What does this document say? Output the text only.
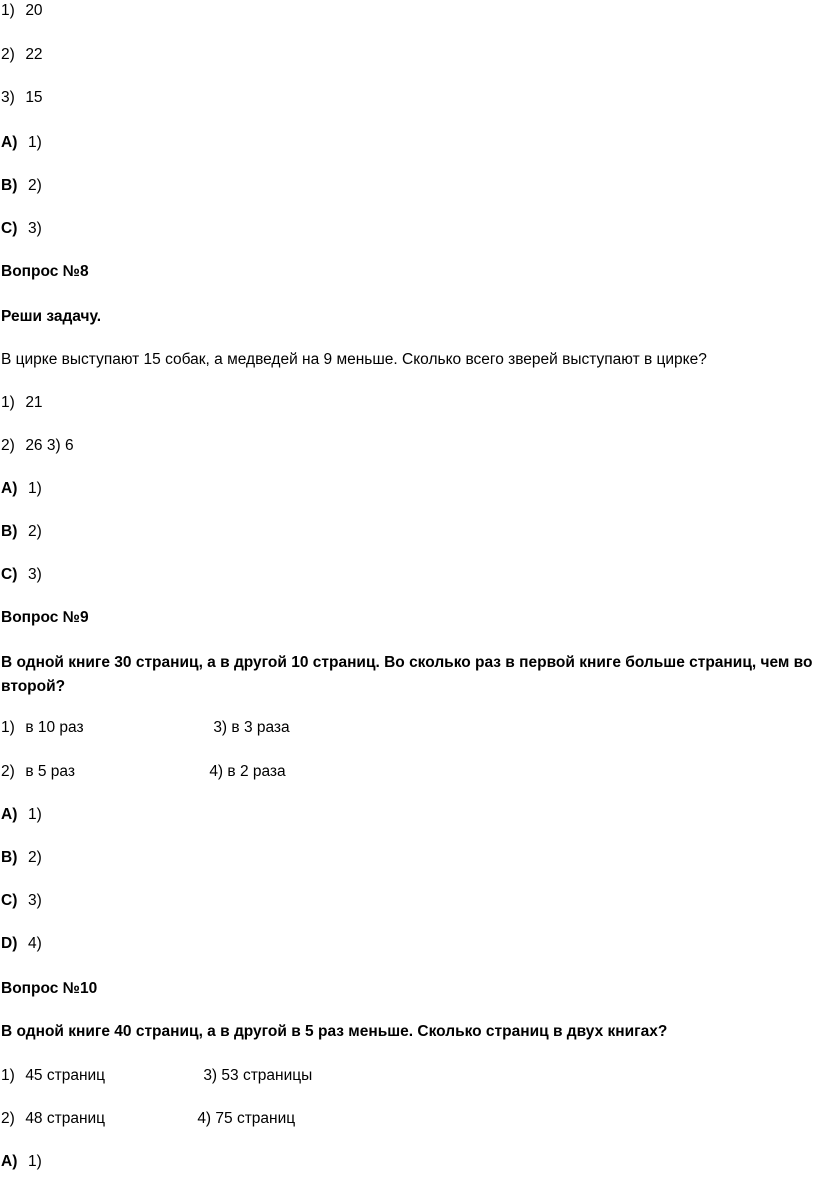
1) 20
2) 22
3) 15
A) 1)
B) 2)
C) 3)
Вопрос №8
Реши задачу.
В цирке выступают 15 собак, а медведей на 9 меньше. Сколько всего зверей выступают в цирке?
1) 21
2) 26 3) 6
A) 1)
B) 2)
C) 3)
Вопрос №9
В одной книге 30 страниц, а в другой 10 страниц. Во сколько раз в первой книге больше страниц, чем во второй?
1) в 10 раз	3) в 3 раза
2) в 5 раз	4) в 2 раза
A) 1)
B) 2)
C) 3)
D) 4)
Вопрос №10
В одной книге 40 страниц, а в другой в 5 раз меньше. Сколько страниц в двух книгах?
1) 45 страниц	3) 53 страницы
2) 48 страниц	4) 75 страниц
A) 1)
